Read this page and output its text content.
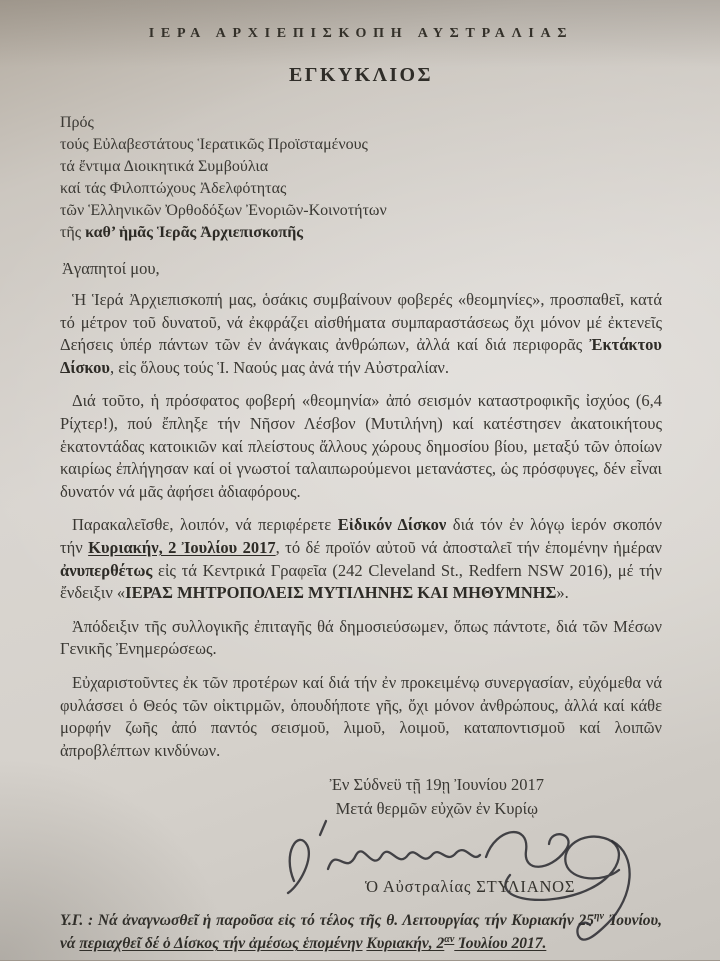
ΙΕΡΑ ΑΡΧΙΕΠΙΣΚΟΠΗ ΑΥΣΤΡΑΛΙΑΣ
ΕΓΚΥΚΛΙΟΣ
Πρός
τούς Εὐλαβεστάτους Ἱερατικῶς Προϊσταμένους
τά ἔντιμα Διοικητικά Συμβούλια
καί τάς Φιλοπτώχους Ἀδελφότητας
τῶν Ἑλληνικῶν Ὀρθοδόξων Ἐνοριῶν-Κοινοτήτων
τῆς καθ’ ἡμᾶς Ἱερᾶς Ἀρχιεπισκοπῆς

Ἀγαπητοί μου,

Ἡ Ἱερά Ἀρχιεπισκοπή μας, ὁσάκις συμβαίνουν φοβερές «θεομηνίες», προσπαθεῖ, κατά τό μέτρον τοῦ δυνατοῦ, νά ἐκφράζει αἰσθήματα συμπαραστάσεως ὄχι μόνον μέ ἐκτενεῖς Δεήσεις ὑπέρ πάντων τῶν ἐν ἀνάγκαις ἀνθρώπων, ἀλλά καί διά περιφορᾶς Ἐκτάκτου Δίσκου, εἰς ὅλους τούς Ἱ. Ναούς μας ἀνά τήν Αὐστραλίαν.

Διά τοῦτο, ἡ πρόσφατος φοβερή «θεομηνία» ἀπό σεισμόν καταστροφικῆς ἰσχύος (6,4 Ρίχτερ!), πού ἔπληξε τήν Νῆσον Λέσβον (Μυτιλήνη) καί κατέστησεν ἀκατοικήτους ἑκατοντάδας κατοικιῶν καί πλείστους ἄλλους χώρους δημοσίου βίου, μεταξύ τῶν ὁποίων καιρίως ἐπλήγησαν καί οἱ γνωστοί ταλαιπωρούμενοι μετανάστες, ὡς πρόσφυγες, δέν εἶναι δυνατόν νά μᾶς ἀφήσει ἀδιαφόρους.

Παρακαλεῖσθε, λοιπόν, νά περιφέρετε Εἰδικόν Δίσκον διά τόν ἐν λόγῳ ἱερόν σκοπόν τήν Κυριακήν, 2 Ἰουλίου 2017, τό δέ προϊόν αὐτοῦ νά ἀποσταλεῖ τήν ἑπομένην ἡμέραν ἀνυπερθέτως εἰς τά Κεντρικά Γραφεῖα (242 Cleveland St., Redfern NSW 2016), μέ τήν ἔνδειξιν «ΙΕΡΑΣ ΜΗΤΡΟΠΟΛΕΙΣ ΜΥΤΙΛΗΝΗΣ ΚΑΙ ΜΗΘΥΜΝΗΣ».

Ἀπόδειξιν τῆς συλλογικῆς ἐπιταγῆς θά δημοσιεύσωμεν, ὅπως πάντοτε, διά τῶν Μέσων Γενικῆς Ἐνημερώσεως.

Εὐχαριστοῦντες ἐκ τῶν προτέρων καί διά τήν ἐν προκειμένῳ συνεργασίαν, εὐχόμεθα νά φυλάσσει ὁ Θεός τῶν οἰκτιρμῶν, ὁπουδήποτε γῆς, ὄχι μόνον ἀνθρώπους, ἀλλά καί κάθε μορφήν ζωῆς ἀπό παντός σεισμοῦ, λιμοῦ, λοιμοῦ, καταποντισμοῦ καί λοιπῶν ἀπροβλέπτων κινδύνων.

Ἐν Σύδνεϋ τῇ 19ῃ Ἰουνίου 2017
Μετά θερμῶν εὐχῶν ἐν Κυρίῳ
Ὁ Αὐστραλίας ΣΤΥΛΙΑΝΟΣ

Υ.Γ. : Νά ἀναγνωσθεῖ ἡ παροῦσα εἰς τό τέλος τῆς θ. Λειτουργίας τήν Κυριακήν $25^{\eta\nu}$ Ἰουνίου, νά περιαχθεῖ δέ ὁ Δίσκος τήν ἀμέσως ἑπομένην Κυριακήν, $2^{\alpha\nu}$ Ἰουλίου 2017.
